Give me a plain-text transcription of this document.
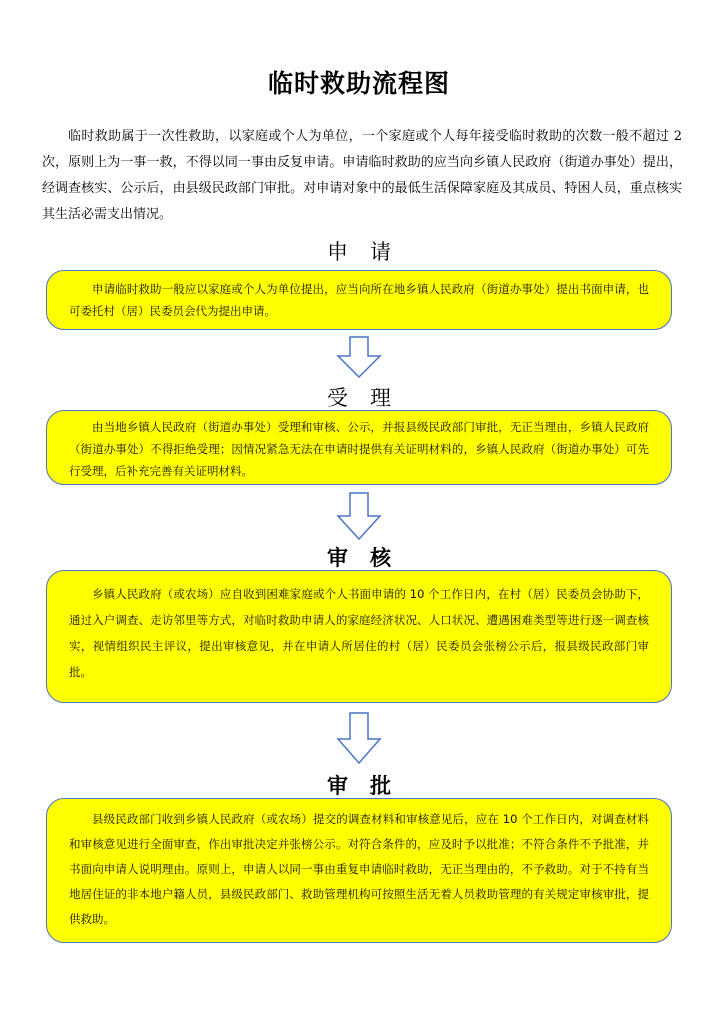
临时救助流程图
临时救助属于一次性救助，以家庭或个人为单位，一个家庭或个人每年接受临时救助的次数一般不超过 2 次，原则上为一事一救，不得以同一事由反复申请。申请临时救助的应当向乡镇人民政府（街道办事处）提出，经调查核实、公示后，由县级民政部门审批。对申请对象中的最低生活保障家庭及其成员、特困人员，重点核实其生活必需支出情况。
申请
申请临时救助一般应以家庭或个人为单位提出，应当向所在地乡镇人民政府（街道办事处）提出书面申请，也可委托村（居）民委员会代为提出申请。
受理
由当地乡镇人民政府（街道办事处）受理和审核、公示，并报县级民政部门审批，无正当理由，乡镇人民政府（街道办事处）不得拒绝受理；因情况紧急无法在申请时提供有关证明材料的，乡镇人民政府（街道办事处）可先行受理，后补充完善有关证明材料。
审核
乡镇人民政府（或农场）应自收到困难家庭或个人书面申请的 10 个工作日内，在村（居）民委员会协助下，通过入户调查、走访邻里等方式，对临时救助申请人的家庭经济状况、人口状况、遭遇困难类型等进行逐一调查核实，视情组织民主评议，提出审核意见，并在申请人所居住的村（居）民委员会张榜公示后，报县级民政部门审批。
审批
县级民政部门收到乡镇人民政府（或农场）提交的调查材料和审核意见后，应在 10 个工作日内，对调查材料和审核意见进行全面审查，作出审批决定并张榜公示。对符合条件的，应及时予以批准；不符合条件不予批准，并书面向申请人说明理由。原则上，申请人以同一事由重复申请临时救助，无正当理由的，不予救助。对于不持有当地居住证的非本地户籍人员，县级民政部门、救助管理机构可按照生活无着人员救助管理的有关规定审核审批，提供救助。
